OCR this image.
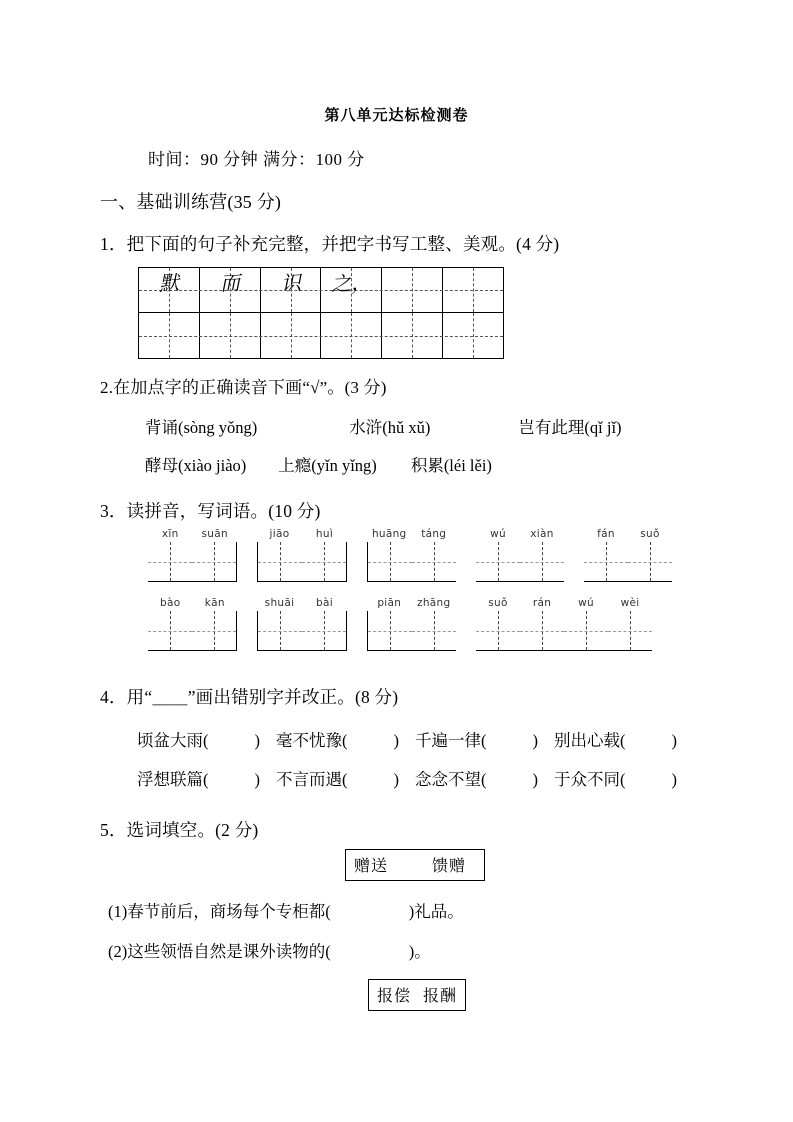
第八单元达标检测卷
时间：90 分钟 满分：100 分
一、基础训练营(35 分)
1．把下面的句子补充完整，并把字书写工整、美观。(4 分)
默 而 识 之，
2.在加点字的正确读音下画“√”。(3 分)
背诵(sòng yǒng)	水浒(hǔ xǔ)	岂有此理(qǐ jǐ)
酵母(xiào jiào) 上瘾(yǐn yǐng) 积累(léi lěi)
3．读拼音，写词语。(10 分)
xīn	suān	jiāo	huì	huāng	táng	wú	xiàn	fán	suǒ
bào	kān	shuāi	bài	piān	zhāng	suǒ	rán	wú	wèi
4．用“＿＿”画出错别字并改正。(8 分)
顷盆大雨(	) 毫不忧豫(	) 千遍一律(	) 别出心载(	)
浮想联篇(	) 不言而遇(	) 念念不望(	) 于众不同(	)
5．选词填空。(2 分)
赠送	馈赠
(1)春节前后，商场每个专柜都(	)礼品。
(2)这些领悟自然是课外读物的(	)。
报偿 报酬
